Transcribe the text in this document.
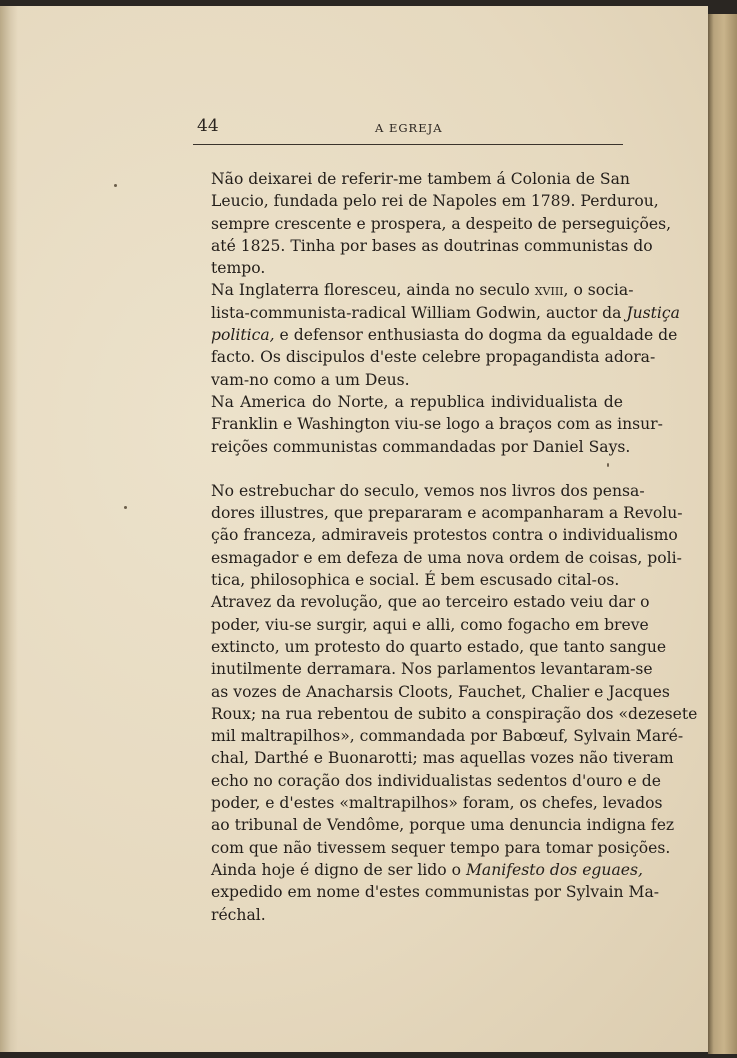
44	A EGREJA

Não deixarei de referir-me tambem á Colonia de San
Leucio, fundada pelo rei de Napoles em 1789. Perdurou,
sempre crescente e prospera, a despeito de perseguições,
até 1825. Tinha por bases as doutrinas communistas do
tempo.

Na Inglaterra floresceu, ainda no seculo xviii, o socia-
lista-communista-radical William Godwin, auctor da Justiça
politica, e defensor enthusiasta do dogma da egualdade de
facto. Os discipulos d'este celebre propagandista adora-
vam-no como a um Deus.

Na America do Norte, a republica individualista de
Franklin e Washington viu-se logo a braços com as insur-
reições communistas commandadas por Daniel Says.

No estrebuchar do seculo, vemos nos livros dos pensa-
dores illustres, que prepararam e acompanharam a Revolu-
ção franceza, admiraveis protestos contra o individualismo
esmagador e em defeza de uma nova ordem de coisas, poli-
tica, philosophica e social. É bem escusado cital-os.

Atravez da revolução, que ao terceiro estado veiu dar o
poder, viu-se surgir, aqui e alli, como fogacho em breve
extincto, um protesto do quarto estado, que tanto sangue
inutilmente derramara. Nos parlamentos levantaram-se
as vozes de Anacharsis Cloots, Fauchet, Chalier e Jacques
Roux; na rua rebentou de subito a conspiração dos «dezesete
mil maltrapilhos», commandada por Babœuf, Sylvain Maré-
chal, Darthé e Buonarotti; mas aquellas vozes não tiveram
echo no coração dos individualistas sedentos d'ouro e de
poder, e d'estes «maltrapilhos» foram, os chefes, levados
ao tribunal de Vendôme, porque uma denuncia indigna fez
com que não tivessem sequer tempo para tomar posições.
Ainda hoje é digno de ser lido o Manifesto dos eguaes,
expedido em nome d'estes communistas por Sylvain Ma-
réchal.
